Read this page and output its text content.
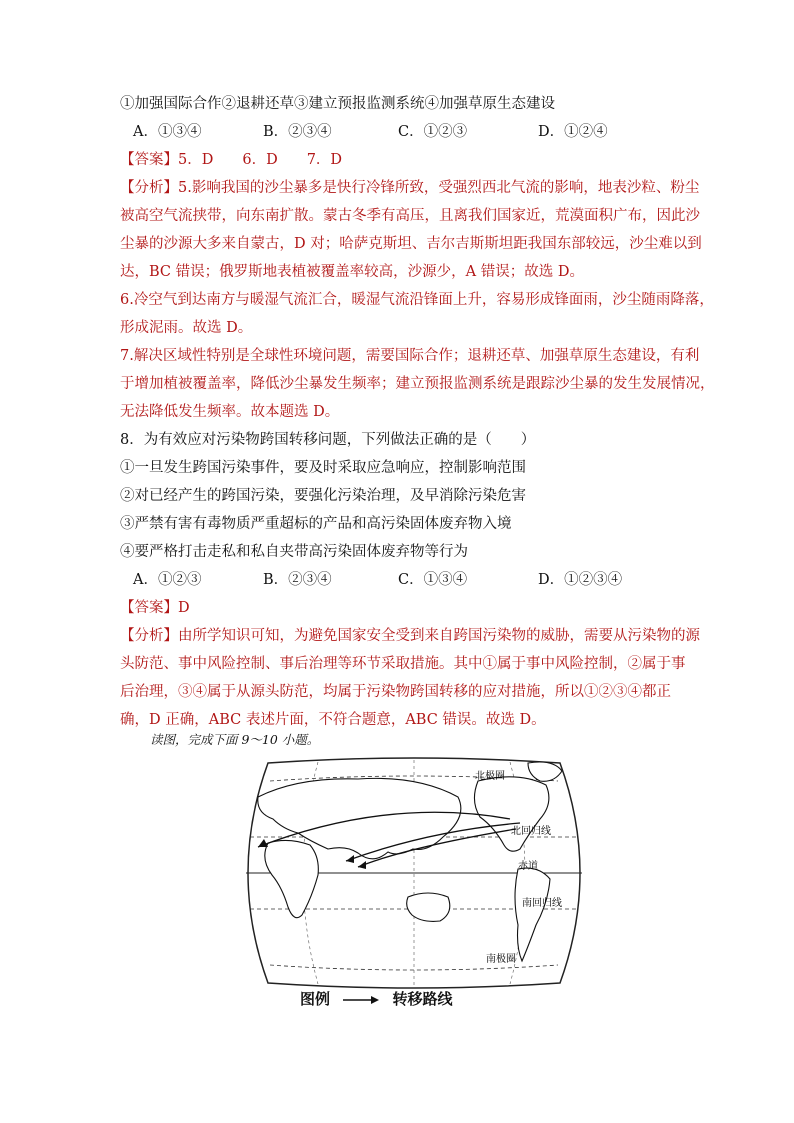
①加强国际合作②退耕还草③建立预报监测系统④加强草原生态建设
A．①③④	B．②③④	C．①②③	D．①②④
【答案】5．D　　6．D　　7．D
【分析】5.影响我国的沙尘暴多是快行冷锋所致，受强烈西北气流的影响，地表沙粒、粉尘
被高空气流挟带，向东南扩散。蒙古冬季有高压，且离我们国家近，荒漠面积广布，因此沙
尘暴的沙源大多来自蒙古，D 对；哈萨克斯坦、吉尔吉斯斯坦距我国东部较远，沙尘难以到
达，BC 错误；俄罗斯地表植被覆盖率较高，沙源少，A 错误；故选 D。
6.冷空气到达南方与暖湿气流汇合，暖湿气流沿锋面上升，容易形成锋面雨，沙尘随雨降落，
形成泥雨。故选 D。
7.解决区域性特别是全球性环境问题，需要国际合作；退耕还草、加强草原生态建设，有利
于增加植被覆盖率，降低沙尘暴发生频率；建立预报监测系统是跟踪沙尘暴的发生发展情况，
无法降低发生频率。故本题选 D。
8．为有效应对污染物跨国转移问题，下列做法正确的是（　　）
①一旦发生跨国污染事件，要及时采取应急响应，控制影响范围
②对已经产生的跨国污染，要强化污染治理，及早消除污染危害
③严禁有害有毒物质严重超标的产品和高污染固体废弃物入境
④要严格打击走私和私自夹带高污染固体废弃物等行为
A．①②③	B．②③④	C．①③④	D．①②③④
【答案】D
【分析】由所学知识可知，为避免国家安全受到来自跨国污染物的威胁，需要从污染物的源
头防范、事中风险控制、事后治理等环节采取措施。其中①属于事中风险控制，②属于事
后治理，③④属于从源头防范，均属于污染物跨国转移的应对措施，所以①②③④都正
确，D 正确，ABC 表述片面，不符合题意，ABC 错误。故选 D。
读图，完成下面 9～10 小题。
北极圈
北回归线
赤道
南回归线
南极圈
图例	转移路线
